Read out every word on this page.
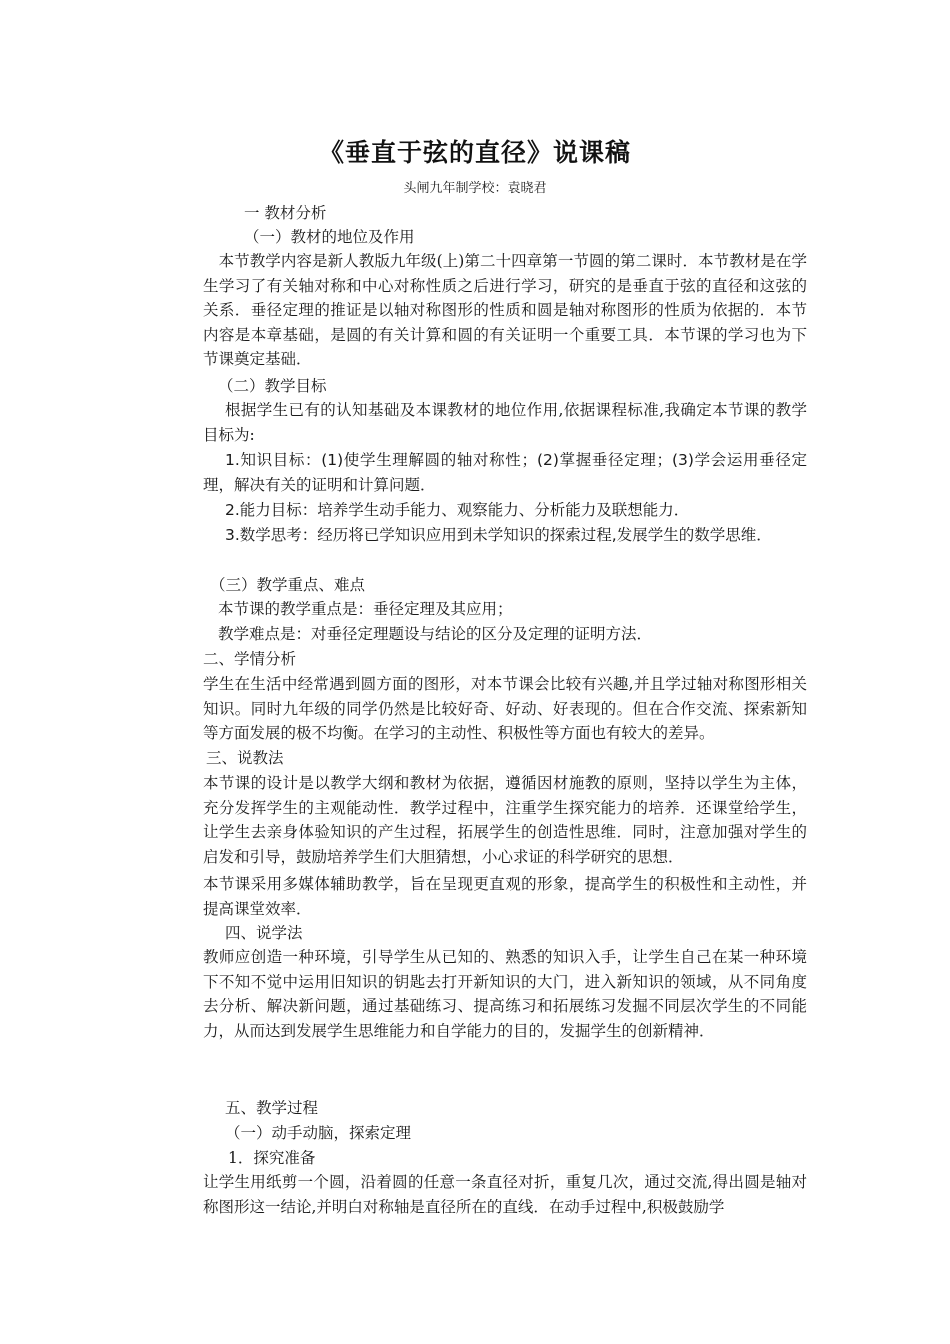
《垂直于弦的直径》说课稿
头闸九年制学校：袁晓君
一 教材分析
（一）教材的地位及作用
　本节教学内容是新人教版九年级(上)第二十四章第一节圆的第二课时．本节教材是在学生学习了有关轴对称和中心对称性质之后进行学习，研究的是垂直于弦的直径和这弦的关系．垂径定理的推证是以轴对称图形的性质和圆是轴对称图形的性质为依据的．本节内容是本章基础，是圆的有关计算和圆的有关证明一个重要工具．本节课的学习也为下节课奠定基础．
（二）教学目标
根据学生已有的认知基础及本课教材的地位作用,依据课程标准,我确定本节课的教学目标为:
1.知识目标：(1)使学生理解圆的轴对称性；(2)掌握垂径定理；(3)学会运用垂径定理，解决有关的证明和计算问题．
2.能力目标：培养学生动手能力、观察能力、分析能力及联想能力．
3.数学思考：经历将已学知识应用到未学知识的探索过程,发展学生的数学思维．
（三）教学重点、难点
本节课的教学重点是：垂径定理及其应用；
教学难点是：对垂径定理题设与结论的区分及定理的证明方法．
二、学情分析
学生在生活中经常遇到圆方面的图形，对本节课会比较有兴趣,并且学过轴对称图形相关知识。同时九年级的同学仍然是比较好奇、好动、好表现的。但在合作交流、探索新知等方面发展的极不均衡。在学习的主动性、积极性等方面也有较大的差异。
三、说教法
本节课的设计是以教学大纲和教材为依据，遵循因材施教的原则，坚持以学生为主体，充分发挥学生的主观能动性．教学过程中，注重学生探究能力的培养．还课堂给学生，让学生去亲身体验知识的产生过程，拓展学生的创造性思维．同时，注意加强对学生的启发和引导，鼓励培养学生们大胆猜想，小心求证的科学研究的思想．
本节课采用多媒体辅助教学，旨在呈现更直观的形象，提高学生的积极性和主动性，并提高课堂效率．
四、说学法
教师应创造一种环境，引导学生从已知的、熟悉的知识入手，让学生自己在某一种环境下不知不觉中运用旧知识的钥匙去打开新知识的大门，进入新知识的领域，从不同角度去分析、解决新问题，通过基础练习、提高练习和拓展练习发掘不同层次学生的不同能力，从而达到发展学生思维能力和自学能力的目的，发掘学生的创新精神．
五、教学过程
（一）动手动脑，探索定理
1．探究准备
让学生用纸剪一个圆，沿着圆的任意一条直径对折，重复几次，通过交流,得出圆是轴对称图形这一结论,并明白对称轴是直径所在的直线．在动手过程中,积极鼓励学
